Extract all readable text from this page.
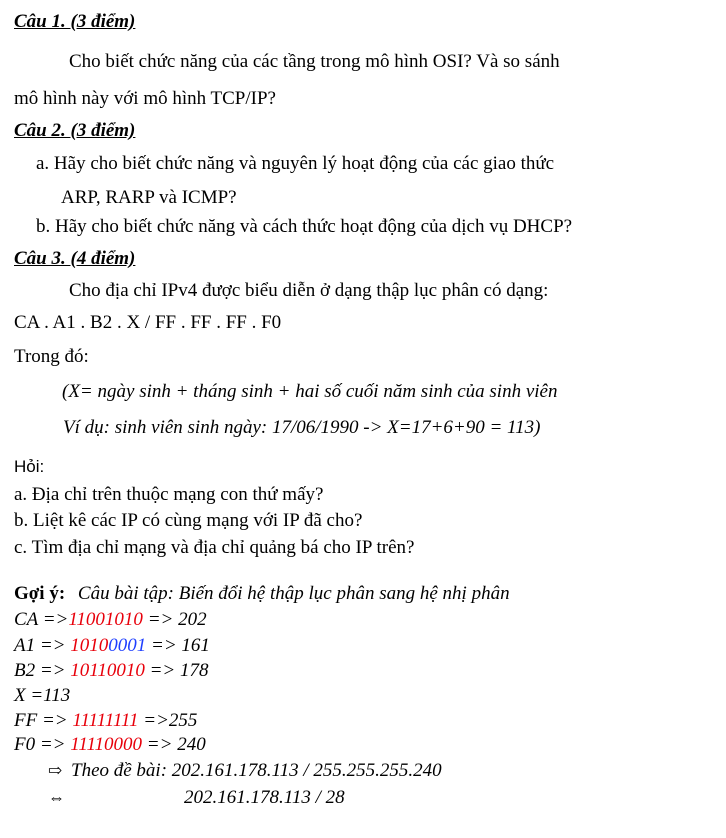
Câu 1. (3 điểm)
Cho biết chức năng của các tầng trong mô hình OSI? Và so sánh
mô hình này với mô hình TCP/IP?
Câu 2. (3 điểm)
a. Hãy cho biết chức năng và nguyên lý hoạt động của các giao thức
ARP, RARP và ICMP?
b. Hãy cho biết chức năng và cách thức hoạt động của dịch vụ DHCP?
Câu 3. (4 điểm)
Cho địa chỉ IPv4 được biểu diễn ở dạng thập lục phân có dạng:
CA . A1 . B2 . X / FF . FF . FF . F0
Trong đó:
(X= ngày sinh + tháng sinh + hai số cuối năm sinh của sinh viên
Ví dụ: sinh viên sinh ngày: 17/06/1990 -> X=17+6+90 = 113)
Hỏi:
a. Địa chỉ trên thuộc mạng con thứ mấy?
b. Liệt kê các IP có cùng mạng với IP đã cho?
c. Tìm địa chỉ mạng và địa chỉ quảng bá cho IP trên?
Gợi ý: Câu bài tập: Biến đổi hệ thập lục phân sang hệ nhị phân
CA =>11001010 => 202
A1 => 10100001 => 161
B2 => 10110010 => 178
X =113
FF => 11111111 =>255
F0 => 11110000 => 240
⇨ Theo đề bài: 202.161.178.113 / 255.255.255.240
⇔	202.161.178.113 / 28
